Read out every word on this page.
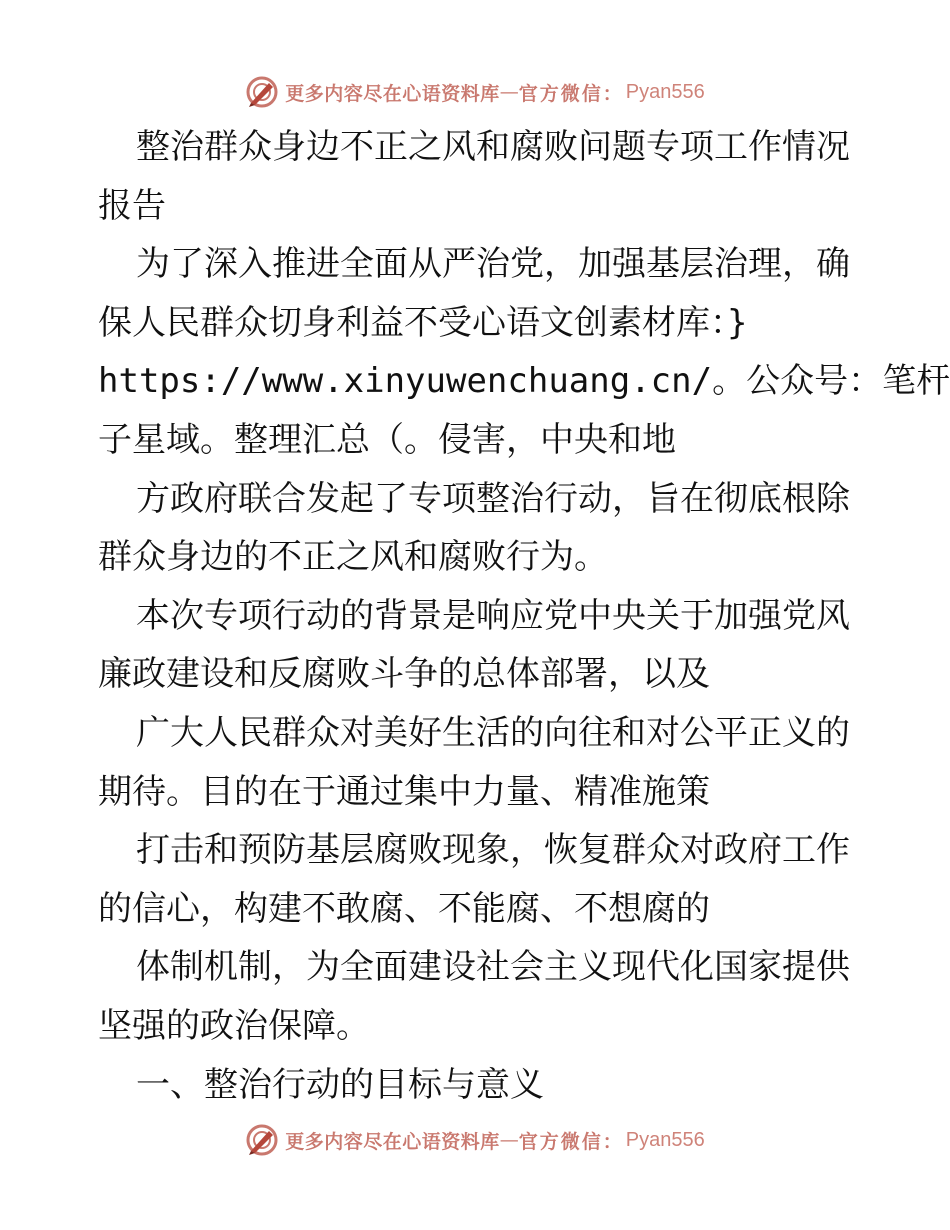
更多内容尽在心语资料库 — 官方微信： Pyan556
整治群众身边不正之风和腐败问题专项工作情况
报告
为了深入推进全面从严治党，加强基层治理，确
保人民群众切身利益不受心语文创素材库：}
https://www.xinyuwenchuang.cn/。公众号：笔杆
子星域。整理汇总（。侵害，中央和地
方政府联合发起了专项整治行动，旨在彻底根除
群众身边的不正之风和腐败行为。
本次专项行动的背景是响应党中央关于加强党风
廉政建设和反腐败斗争的总体部署，以及
广大人民群众对美好生活的向往和对公平正义的
期待。目的在于通过集中力量、精准施策
打击和预防基层腐败现象，恢复群众对政府工作
的信心，构建不敢腐、不能腐、不想腐的
体制机制，为全面建设社会主义现代化国家提供
坚强的政治保障。
一、整治行动的目标与意义
更多内容尽在心语资料库 — 官方微信： Pyan556
